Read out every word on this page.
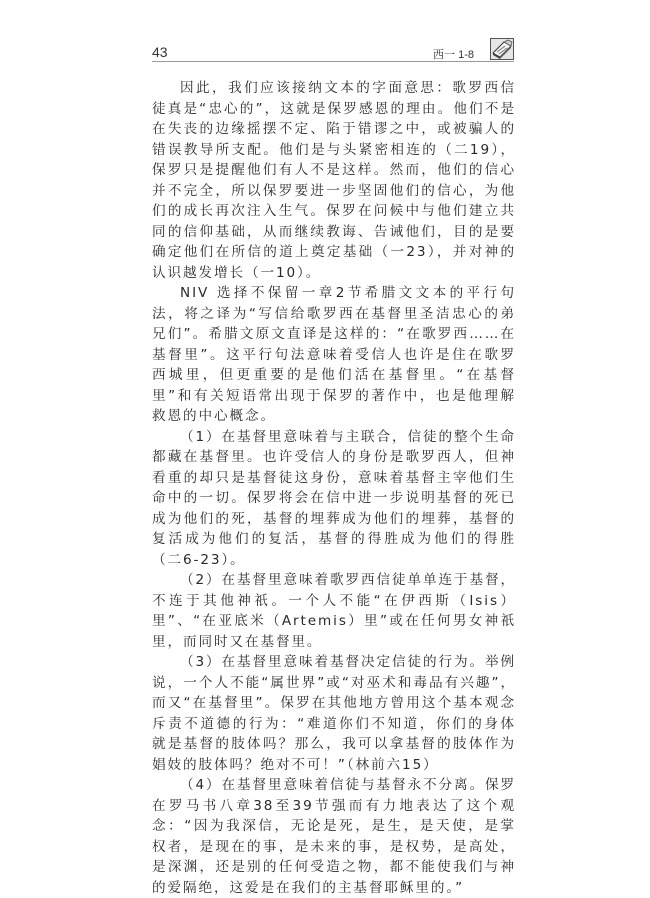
43	西一 1-8

因此，我们应该接纳文本的字面意思：歌罗西信徒真是“忠心的”，这就是保罗感恩的理由。他们不是在失丧的边缘摇摆不定、陷于错谬之中，或被骗人的错误教导所支配。他们是与头紧密相连的（二19），保罗只是提醒他们有人不是这样。然而，他们的信心并不完全，所以保罗要进一步坚固他们的信心，为他们的成长再次注入生气。保罗在问候中与他们建立共同的信仰基础，从而继续教诲、告诫他们，目的是要确定他们在所信的道上奠定基础（一23），并对神的认识越发增长（一10）。

NIV 选择不保留一章2节希腊文文本的平行句法，将之译为“写信给歌罗西在基督里圣洁忠心的弟兄们”。希腊文原文直译是这样的：“在歌罗西……在基督里”。这平行句法意味着受信人也许是住在歌罗西城里，但更重要的是他们活在基督里。“在基督里”和有关短语常出现于保罗的著作中，也是他理解救恩的中心概念。

（1）在基督里意味着与主联合，信徒的整个生命都藏在基督里。也许受信人的身份是歌罗西人，但神看重的却只是基督徒这身份，意味着基督主宰他们生命中的一切。保罗将会在信中进一步说明基督的死已成为他们的死，基督的埋葬成为他们的埋葬，基督的复活成为他们的复活，基督的得胜成为他们的得胜（二6-23）。

（2）在基督里意味着歌罗西信徒单单连于基督，不连于其他神祇。一个人不能“在伊西斯（Isis）里”、“在亚底米（Artemis）里”或在任何男女神祇里，而同时又在基督里。

（3）在基督里意味着基督决定信徒的行为。举例说，一个人不能“属世界”或“对巫术和毒品有兴趣”，而又“在基督里”。保罗在其他地方曾用这个基本观念斥责不道德的行为：“难道你们不知道，你们的身体就是基督的肢体吗？那么，我可以拿基督的肢体作为娼妓的肢体吗？绝对不可！”（林前六15）

（4）在基督里意味着信徒与基督永不分离。保罗在罗马书八章38至39节强而有力地表达了这个观念：“因为我深信，无论是死，是生，是天使，是掌权者，是现在的事，是未来的事，是权势，是高处，是深渊，还是别的任何受造之物，都不能使我们与神的爱隔绝，这爱是在我们的主基督耶稣里的。”
